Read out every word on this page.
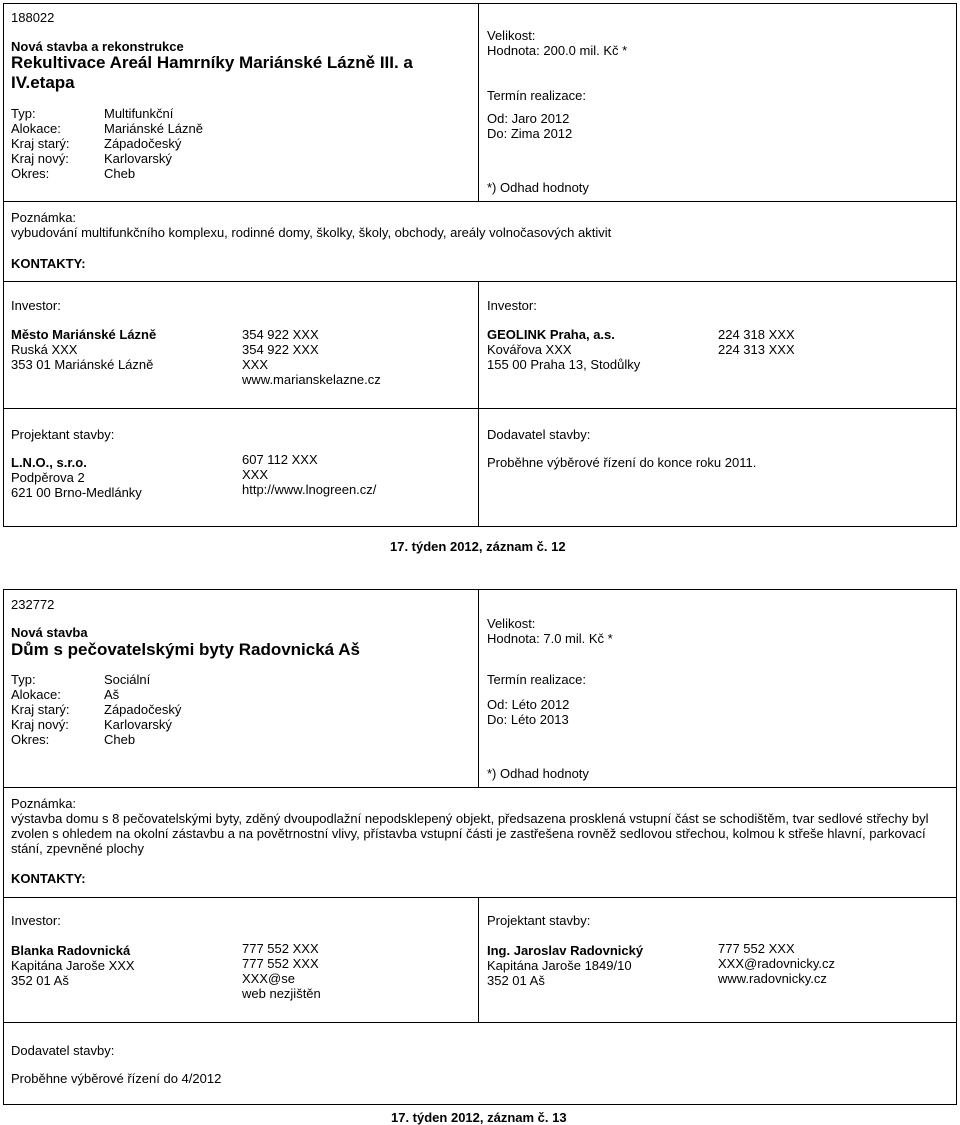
188022
Nová stavba a rekonstrukce
Rekultivace Areál Hamrníky Mariánské Lázně III. a
IV.etapa
Typ:
Alokace:
Kraj starý:
Kraj nový:
Okres:
Multifunkční
Mariánské Lázně
Západočeský
Karlovarský
Cheb
Velikost:
Hodnota: 200.0 mil. Kč *
Termín realizace:
Od: Jaro 2012
Do: Zima 2012
*) Odhad hodnoty
Poznámka:
vybudování multifunkčního komplexu, rodinné domy, školky, školy, obchody, areály volnočasových aktivit
KONTAKTY:
Investor:
Město Mariánské Lázně
Ruská XXX
353 01 Mariánské Lázně
354 922 XXX
354 922 XXX
XXX
www.marianskelazne.cz
Investor:
GEOLINK Praha, a.s.
Kovářova XXX
155 00 Praha 13, Stodůlky
224 318 XXX
224 313 XXX
Projektant stavby:
L.N.O., s.r.o.
Podpěrova 2
621 00 Brno-Medlánky
607 112 XXX
XXX
http://www.lnogreen.cz/
Dodavatel stavby:
Proběhne výběrové řízení do konce roku 2011.
17. týden 2012, záznam č. 12
232772
Nová stavba
Dům s pečovatelskými byty Radovnická Aš
Typ:
Alokace:
Kraj starý:
Kraj nový:
Okres:
Sociální
Aš
Západočeský
Karlovarský
Cheb
Velikost:
Hodnota: 7.0 mil. Kč *
Termín realizace:
Od: Léto 2012
Do: Léto 2013
*) Odhad hodnoty
Poznámka:
výstavba domu s 8 pečovatelskými byty, zděný dvoupodlažní nepodsklepený objekt, předsazena prosklená vstupní část se schodištěm, tvar sedlové střechy byl
zvolen s ohledem na okolní zástavbu a na povětrnostní vlivy, přístavba vstupní části je zastřešena rovněž sedlovou střechou, kolmou k střeše hlavní, parkovací
stání, zpevněné plochy
KONTAKTY:
Investor:
Blanka Radovnická
Kapitána Jaroše XXX
352 01 Aš
777 552 XXX
777 552 XXX
XXX@se
web nezjištěn
Projektant stavby:
Ing. Jaroslav Radovnický
Kapitána Jaroše 1849/10
352 01 Aš
777 552 XXX
XXX@radovnicky.cz
www.radovnicky.cz
Dodavatel stavby:
Proběhne výběrové řízení do 4/2012
17. týden 2012, záznam č. 13
